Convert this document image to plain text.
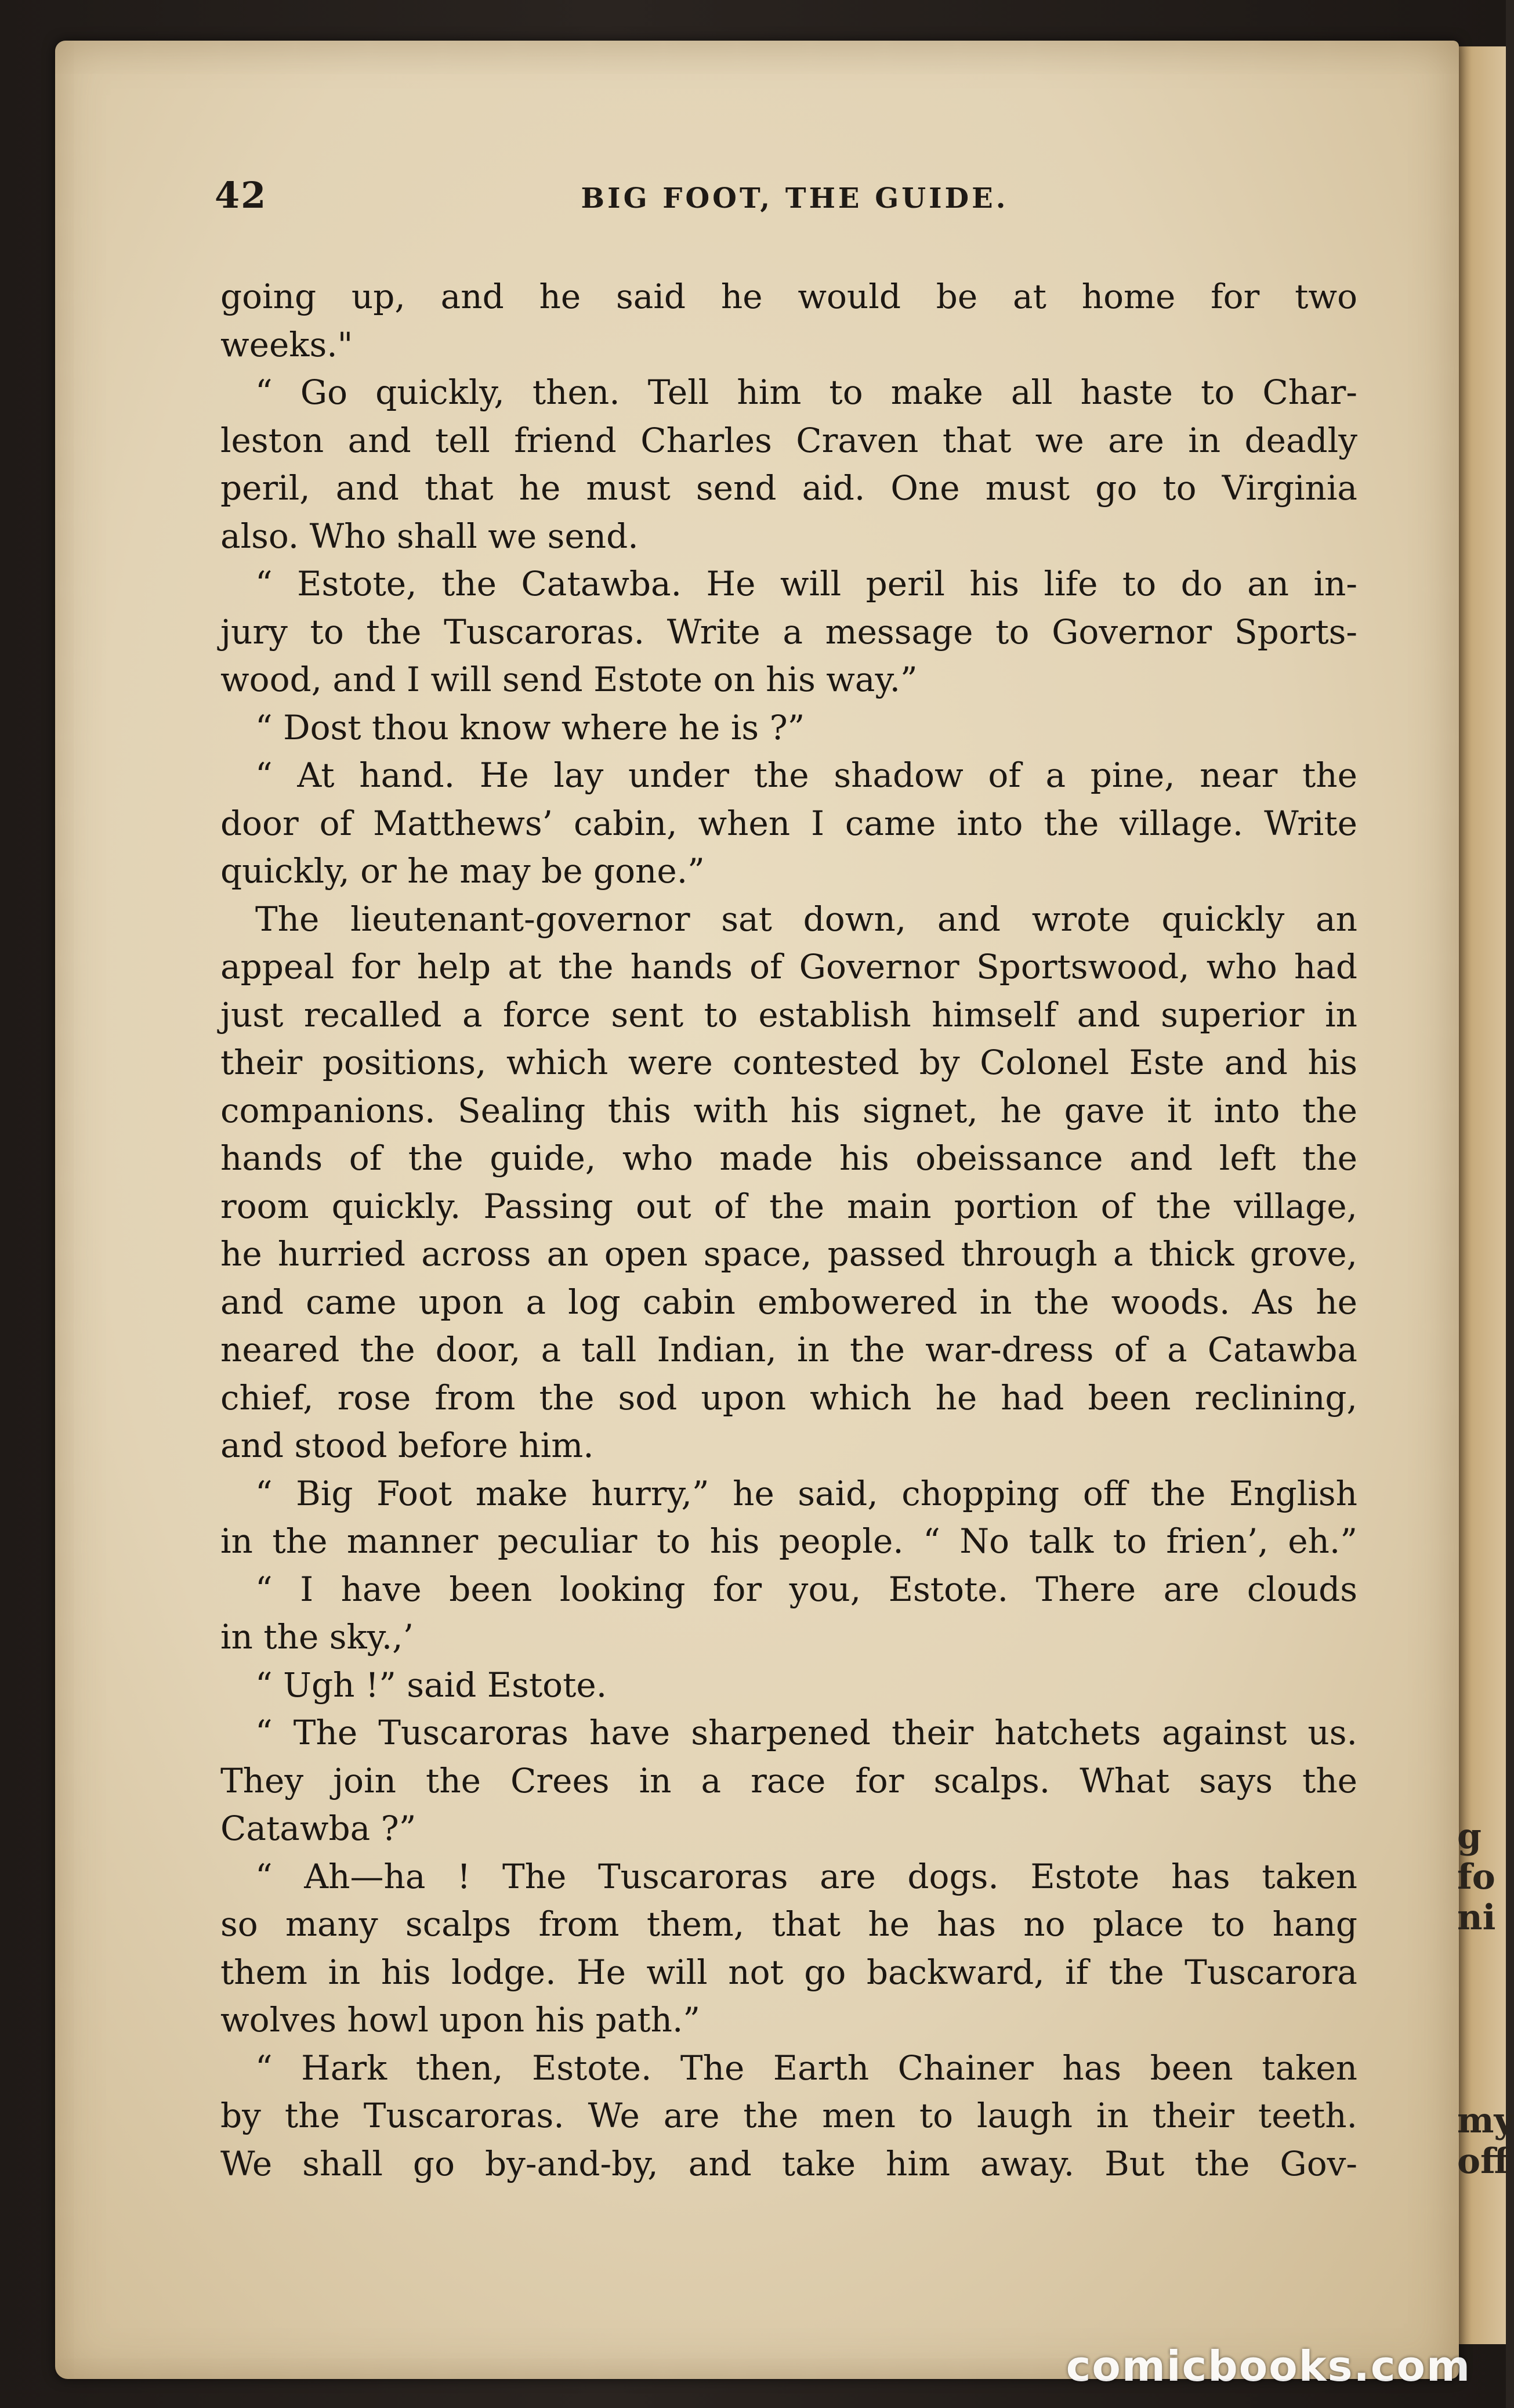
42	BIG FOOT, THE GUIDE.
going up, and he said he would be at home for two
weeks."
“ Go quickly, then. Tell him to make all haste to Char-
leston and tell friend Charles Craven that we are in deadly
peril, and that he must send aid. One must go to Virginia
also. Who shall we send.
“ Estote, the Catawba. He will peril his life to do an in-
jury to the Tuscaroras. Write a message to Governor Sports-
wood, and I will send Estote on his way.”
“ Dost thou know where he is ?”
“ At hand. He lay under the shadow of a pine, near the
door of Matthews’ cabin, when I came into the village. Write
quickly, or he may be gone.”
The lieutenant-governor sat down, and wrote quickly an
appeal for help at the hands of Governor Sportswood, who had
just recalled a force sent to establish himself and superior in
their positions, which were contested by Colonel Este and his
companions. Sealing this with his signet, he gave it into the
hands of the guide, who made his obeissance and left the
room quickly. Passing out of the main portion of the village,
he hurried across an open space, passed through a thick grove,
and came upon a log cabin embowered in the woods. As he
neared the door, a tall Indian, in the war-dress of a Catawba
chief, rose from the sod upon which he had been reclining,
and stood before him.
“ Big Foot make hurry,” he said, chopping off the English
in the manner peculiar to his people. “ No talk to frien’, eh.”
“ I have been looking for you, Estote. There are clouds
in the sky.,’
“ Ugh !” said Estote.
“ The Tuscaroras have sharpened their hatchets against us.
They join the Crees in a race for scalps. What says the
Catawba ?”
“ Ah—ha ! The Tuscaroras are dogs. Estote has taken
so many scalps from them, that he has no place to hang
them in his lodge. He will not go backward, if the Tuscarora
wolves howl upon his path.”
“ Hark then, Estote. The Earth Chainer has been taken
by the Tuscaroras. We are the men to laugh in their teeth.
We shall go by-and-by, and take him away. But the Gov-
g
fo
ni
my
off
comicbooks.com
